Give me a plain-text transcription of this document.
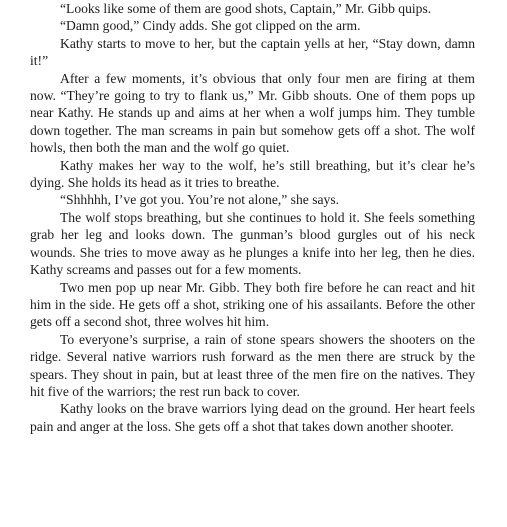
“Looks like some of them are good shots, Captain,” Mr. Gibb quips.

“Damn good,” Cindy adds. She got clipped on the arm.

Kathy starts to move to her, but the captain yells at her, “Stay down, damn it!”

After a few moments, it’s obvious that only four men are firing at them now. “They’re going to try to flank us,” Mr. Gibb shouts. One of them pops up near Kathy. He stands up and aims at her when a wolf jumps him. They tumble down together. The man screams in pain but somehow gets off a shot. The wolf howls, then both the man and the wolf go quiet.

Kathy makes her way to the wolf, he’s still breathing, but it’s clear he’s dying. She holds its head as it tries to breathe.

“Shhhhh, I’ve got you. You’re not alone,” she says.

The wolf stops breathing, but she continues to hold it. She feels something grab her leg and looks down. The gunman’s blood gurgles out of his neck wounds. She tries to move away as he plunges a knife into her leg, then he dies. Kathy screams and passes out for a few moments.

Two men pop up near Mr. Gibb. They both fire before he can react and hit him in the side. He gets off a shot, striking one of his assailants. Before the other gets off a second shot, three wolves hit him.

To everyone’s surprise, a rain of stone spears showers the shooters on the ridge. Several native warriors rush forward as the men there are struck by the spears. They shout in pain, but at least three of the men fire on the natives. They hit five of the warriors; the rest run back to cover.

Kathy looks on the brave warriors lying dead on the ground. Her heart feels pain and anger at the loss. She gets off a shot that takes down another shooter.
